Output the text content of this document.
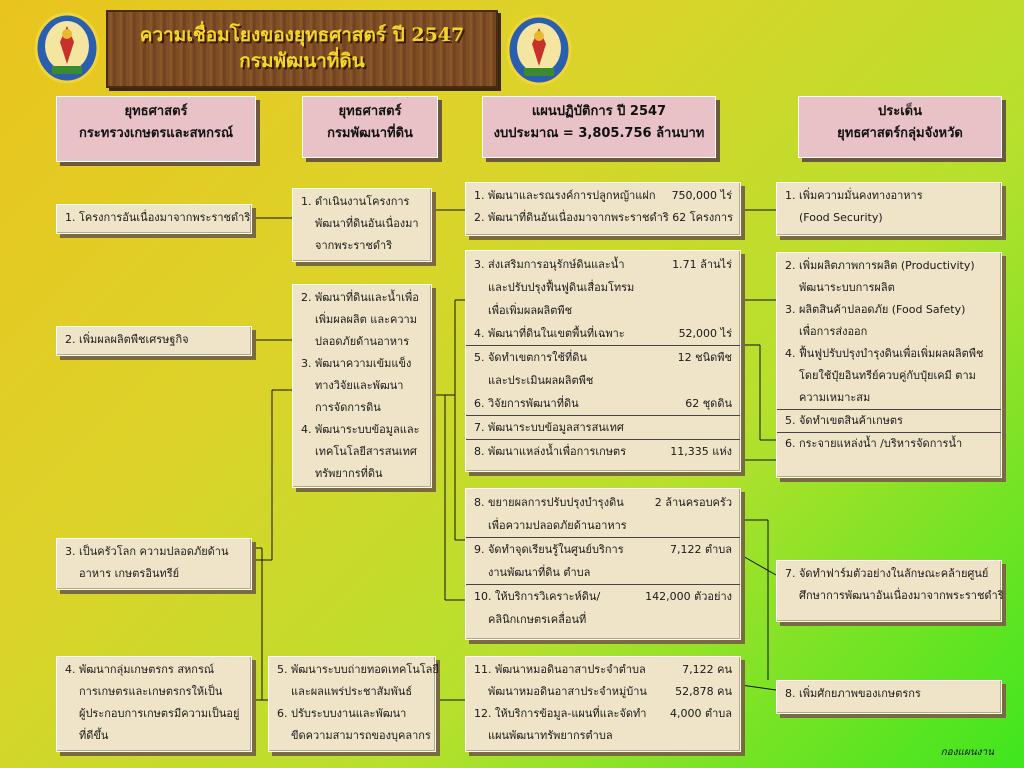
ความเชื่อมโยงของยุทธศาสตร์ ปี 2547
กรมพัฒนาที่ดิน
ยุทธศาสตร์
กระทรวงเกษตรและสหกรณ์
ยุทธศาสตร์
กรมพัฒนาที่ดิน
แผนปฏิบัติการ ปี 2547
งบประมาณ = 3,805.756 ล้านบาท
ประเด็น
ยุทธศาสตร์กลุ่มจังหวัด
1. โครงการอันเนื่องมาจากพระราชดำริ
2. เพิ่มผลผลิตพืชเศรษฐกิจ
3. เป็นครัวโลก ความปลอดภัยด้าน
อาหาร เกษตรอินทรีย์
4. พัฒนากลุ่มเกษตรกร สหกรณ์
การเกษตรและเกษตรกรให้เป็น
ผู้ประกอบการเกษตรมีความเป็นอยู่
ที่ดีขึ้น
1. ดำเนินงานโครงการ
พัฒนาที่ดินอันเนื่องมา
จากพระราชดำริ
2. พัฒนาที่ดินและน้ำเพื่อ
เพิ่มผลผลิต และความ
ปลอดภัยด้านอาหาร
3. พัฒนาความเข้มแข็ง
ทางวิจัยและพัฒนา
การจัดการดิน
4. พัฒนาระบบข้อมูลและ
เทคโนโลยีสารสนเทศ
ทรัพยากรที่ดิน
5. พัฒนาระบบถ่ายทอดเทคโนโลยี
และผลแพร่ประชาสัมพันธ์
6. ปรับระบบงานและพัฒนา
ขีดความสามารถของบุคลากร
1. พัฒนาและรณรงค์การปลูกหญ้าแฝก 750,000 ไร่
2. พัฒนาที่ดินอันเนื่องมาจากพระราชดำริ 62 โครงการ
3. ส่งเสริมการอนุรักษ์ดินและน้ำ	1.71 ล้านไร่
และปรับปรุงฟื้นฟูดินเสื่อมโทรม
เพื่อเพิ่มผลผลิตพืช
4. พัฒนาที่ดินในเขตพื้นที่เฉพาะ	52,000 ไร่
5. จัดทำเขตการใช้ที่ดิน	12 ชนิดพืช
และประเมินผลผลิตพืช
6. วิจัยการพัฒนาที่ดิน	62 ชุดดิน
7. พัฒนาระบบข้อมูลสารสนเทศ
8. พัฒนาแหล่งน้ำเพื่อการเกษตร	11,335 แห่ง
8. ขยายผลการปรับปรุงบำรุงดิน	2 ล้านครอบครัว
เพื่อความปลอดภัยด้านอาหาร
9. จัดทำจุดเรียนรู้ในศูนย์บริการ	7,122 ตำบล
งานพัฒนาที่ดิน ตำบล
10. ให้บริการวิเคราะห์ดิน/	142,000 ตัวอย่าง
คลินิกเกษตรเคลื่อนที่
11. พัฒนาหมอดินอาสาประจำตำบล	7,122 คน
พัฒนาหมอดินอาสาประจำหมู่บ้าน	52,878 คน
12. ให้บริการข้อมูล-แผนที่และจัดทำ 4,000 ตำบล
แผนพัฒนาทรัพยากรตำบล
1. เพิ่มความมั่นคงทางอาหาร
(Food Security)
2. เพิ่มผลิตภาพการผลิต (Productivity)
พัฒนาระบบการผลิต
3. ผลิตสินค้าปลอดภัย (Food Safety)
เพื่อการส่งออก
4. ฟื้นฟูปรับปรุงบำรุงดินเพื่อเพิ่มผลผลิตพืช
โดยใช้ปุ๋ยอินทรีย์ควบคู่กับปุ๋ยเคมี ตาม
ความเหมาะสม
5. จัดทำเขตสินค้าเกษตร
6. กระจายแหล่งน้ำ /บริหารจัดการน้ำ
7. จัดทำฟาร์มตัวอย่างในลักษณะคล้ายศูนย์
ศึกษาการพัฒนาอันเนื่องมาจากพระราชดำริ
8. เพิ่มศักยภาพของเกษตรกร
กองแผนงาน
